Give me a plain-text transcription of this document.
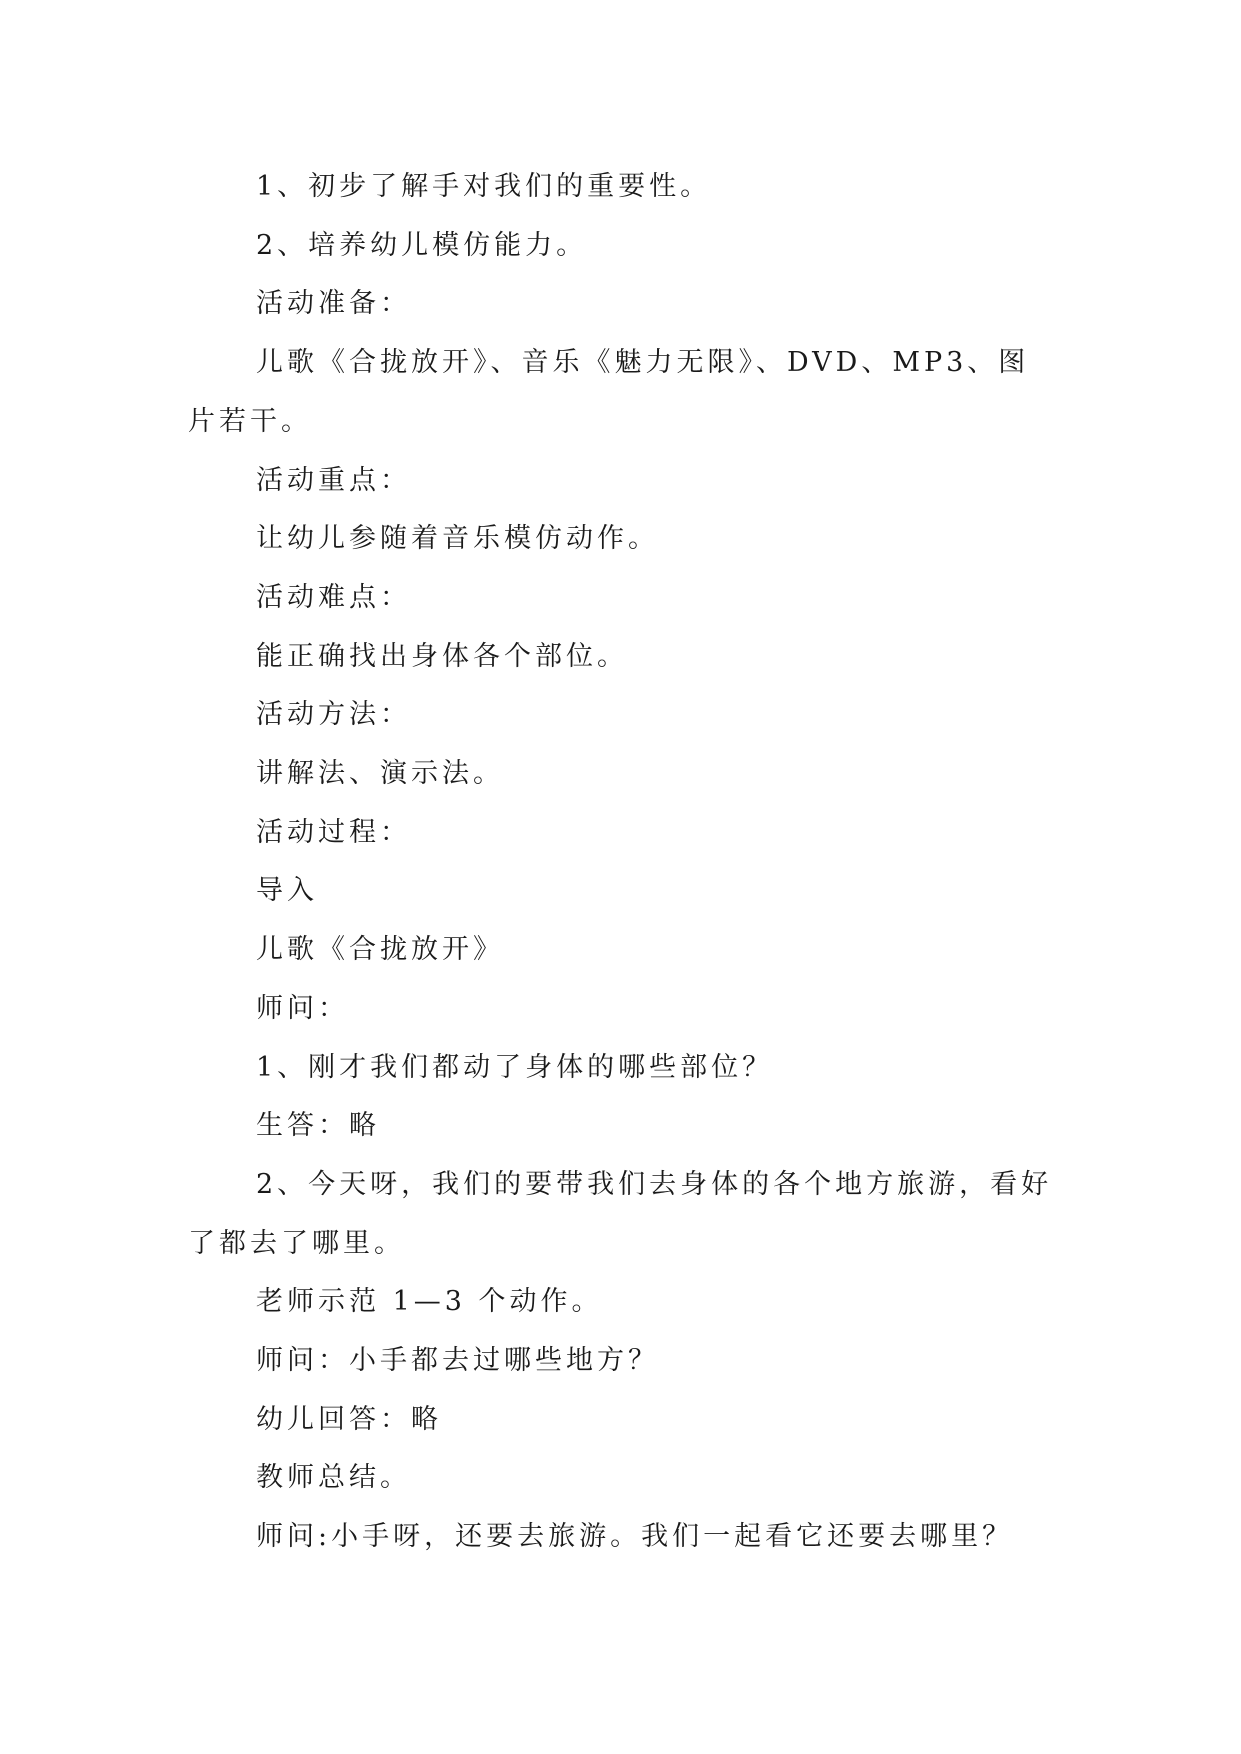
1、初步了解手对我们的重要性。

2、培养幼儿模仿能力。

活动准备：

儿歌《合拢放开》、音乐《魅力无限》、DVD、MP3、图片若干。

活动重点：

让幼儿参随着音乐模仿动作。

活动难点：

能正确找出身体各个部位。

活动方法：

讲解法、演示法。

活动过程：

导入

儿歌《合拢放开》

师问：

1、刚才我们都动了身体的哪些部位？

生答：略

2、今天呀，我们的要带我们去身体的各个地方旅游，看好了都去了哪里。

老师示范 1—3 个动作。

师问：小手都去过哪些地方？

幼儿回答：略

教师总结。

师问:小手呀，还要去旅游。我们一起看它还要去哪里？
